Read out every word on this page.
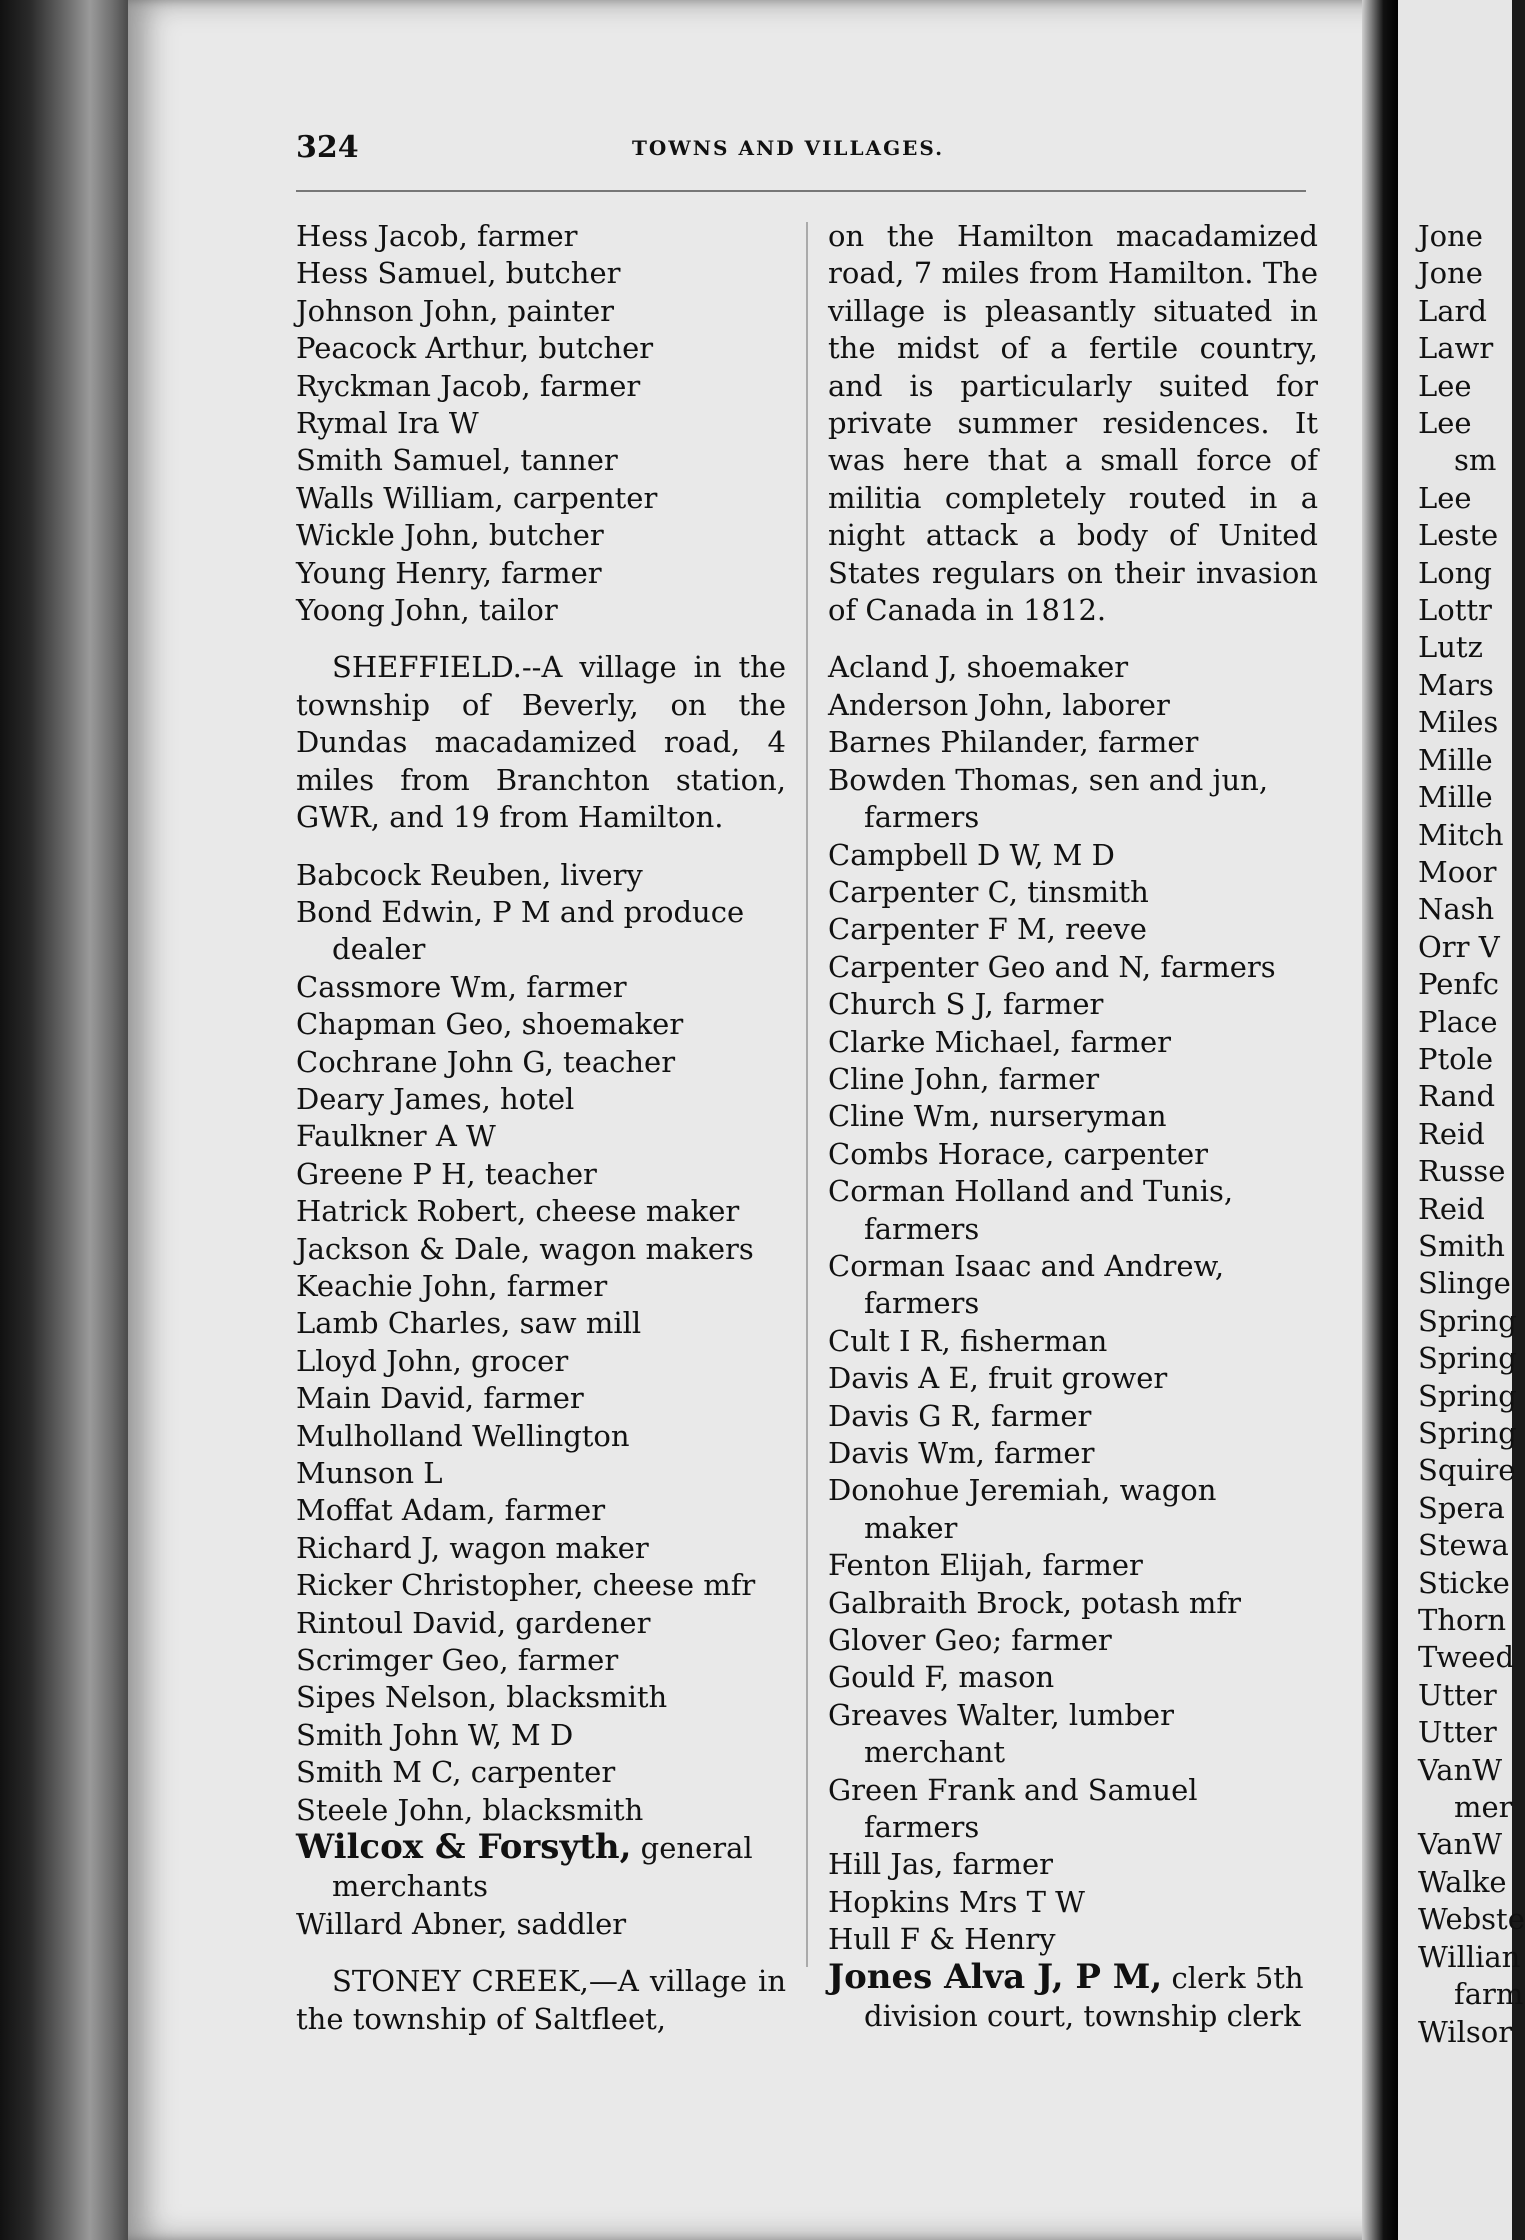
324	TOWNS AND VILLAGES.
Hess Jacob, farmer
Hess Samuel, butcher
Johnson John, painter
Peacock Arthur, butcher
Ryckman Jacob, farmer
Rymal Ira W
Smith Samuel, tanner
Walls William, carpenter
Wickle John, butcher
Young Henry, farmer
Yoong John, tailor

SHEFFIELD.--A village in the township of Beverly, on the Dundas macadamized road, 4 miles from Branchton station, GWR, and 19 from Hamilton.

Babcock Reuben, livery
Bond Edwin, P M and produce dealer
Cassmore Wm, farmer
Chapman Geo, shoemaker
Cochrane John G, teacher
Deary James, hotel
Faulkner A W
Greene P H, teacher
Hatrick Robert, cheese maker
Jackson & Dale, wagon makers
Keachie John, farmer
Lamb Charles, saw mill
Lloyd John, grocer
Main David, farmer
Mulholland Wellington
Munson L
Moffat Adam, farmer
Richard J, wagon maker
Ricker Christopher, cheese mfr
Rintoul David, gardener
Scrimger Geo, farmer
Sipes Nelson, blacksmith
Smith John W, M D
Smith M C, carpenter
Steele John, blacksmith
Wilcox & Forsyth, general merchants
Willard Abner, saddler

STONEY CREEK,—A village in the township of Saltfleet,

on the Hamilton macadamized road, 7 miles from Hamilton. The village is pleasantly situated in the midst of a fertile country, and is particularly suited for private summer residences. It was here that a small force of militia completely routed in a night attack a body of United States regulars on their invasion of Canada in 1812.

Acland J, shoemaker
Anderson John, laborer
Barnes Philander, farmer
Bowden Thomas, sen and jun, farmers
Campbell D W, M D
Carpenter C, tinsmith
Carpenter F M, reeve
Carpenter Geo and N, farmers
Church S J, farmer
Clarke Michael, farmer
Cline John, farmer
Cline Wm, nurseryman
Combs Horace, carpenter
Corman Holland and Tunis, farmers
Corman Isaac and Andrew, farmers
Cult I R, fisherman
Davis A E, fruit grower
Davis G R, farmer
Davis Wm, farmer
Donohue Jeremiah, wagon maker
Fenton Elijah, farmer
Galbraith Brock, potash mfr
Glover Geo; farmer
Gould F, mason
Greaves Walter, lumber merchant
Green Frank and Samuel farmers
Hill Jas, farmer
Hopkins Mrs T W
Hull F & Henry
Jones Alva J, P M, clerk 5th division court, township clerk
Jone
Jone
Lard
Lawr
Lee
Lee
sm
Lee
Leste
Long
Lottr
Lutz
Mars
Miles
Mille
Mille
Mitch
Moor
Nash
Orr V
Penfc
Place
Ptole
Rand
Reid
Russe
Reid
Smith
Slinge
Spring
Spring
Spring
Spring
Squire
Spera
Stewa
Sticke
Thorn
Tweed
Utter
Utter
VanW
mer
VanW
Walke
Webste
Willian
farm
Wilsor
